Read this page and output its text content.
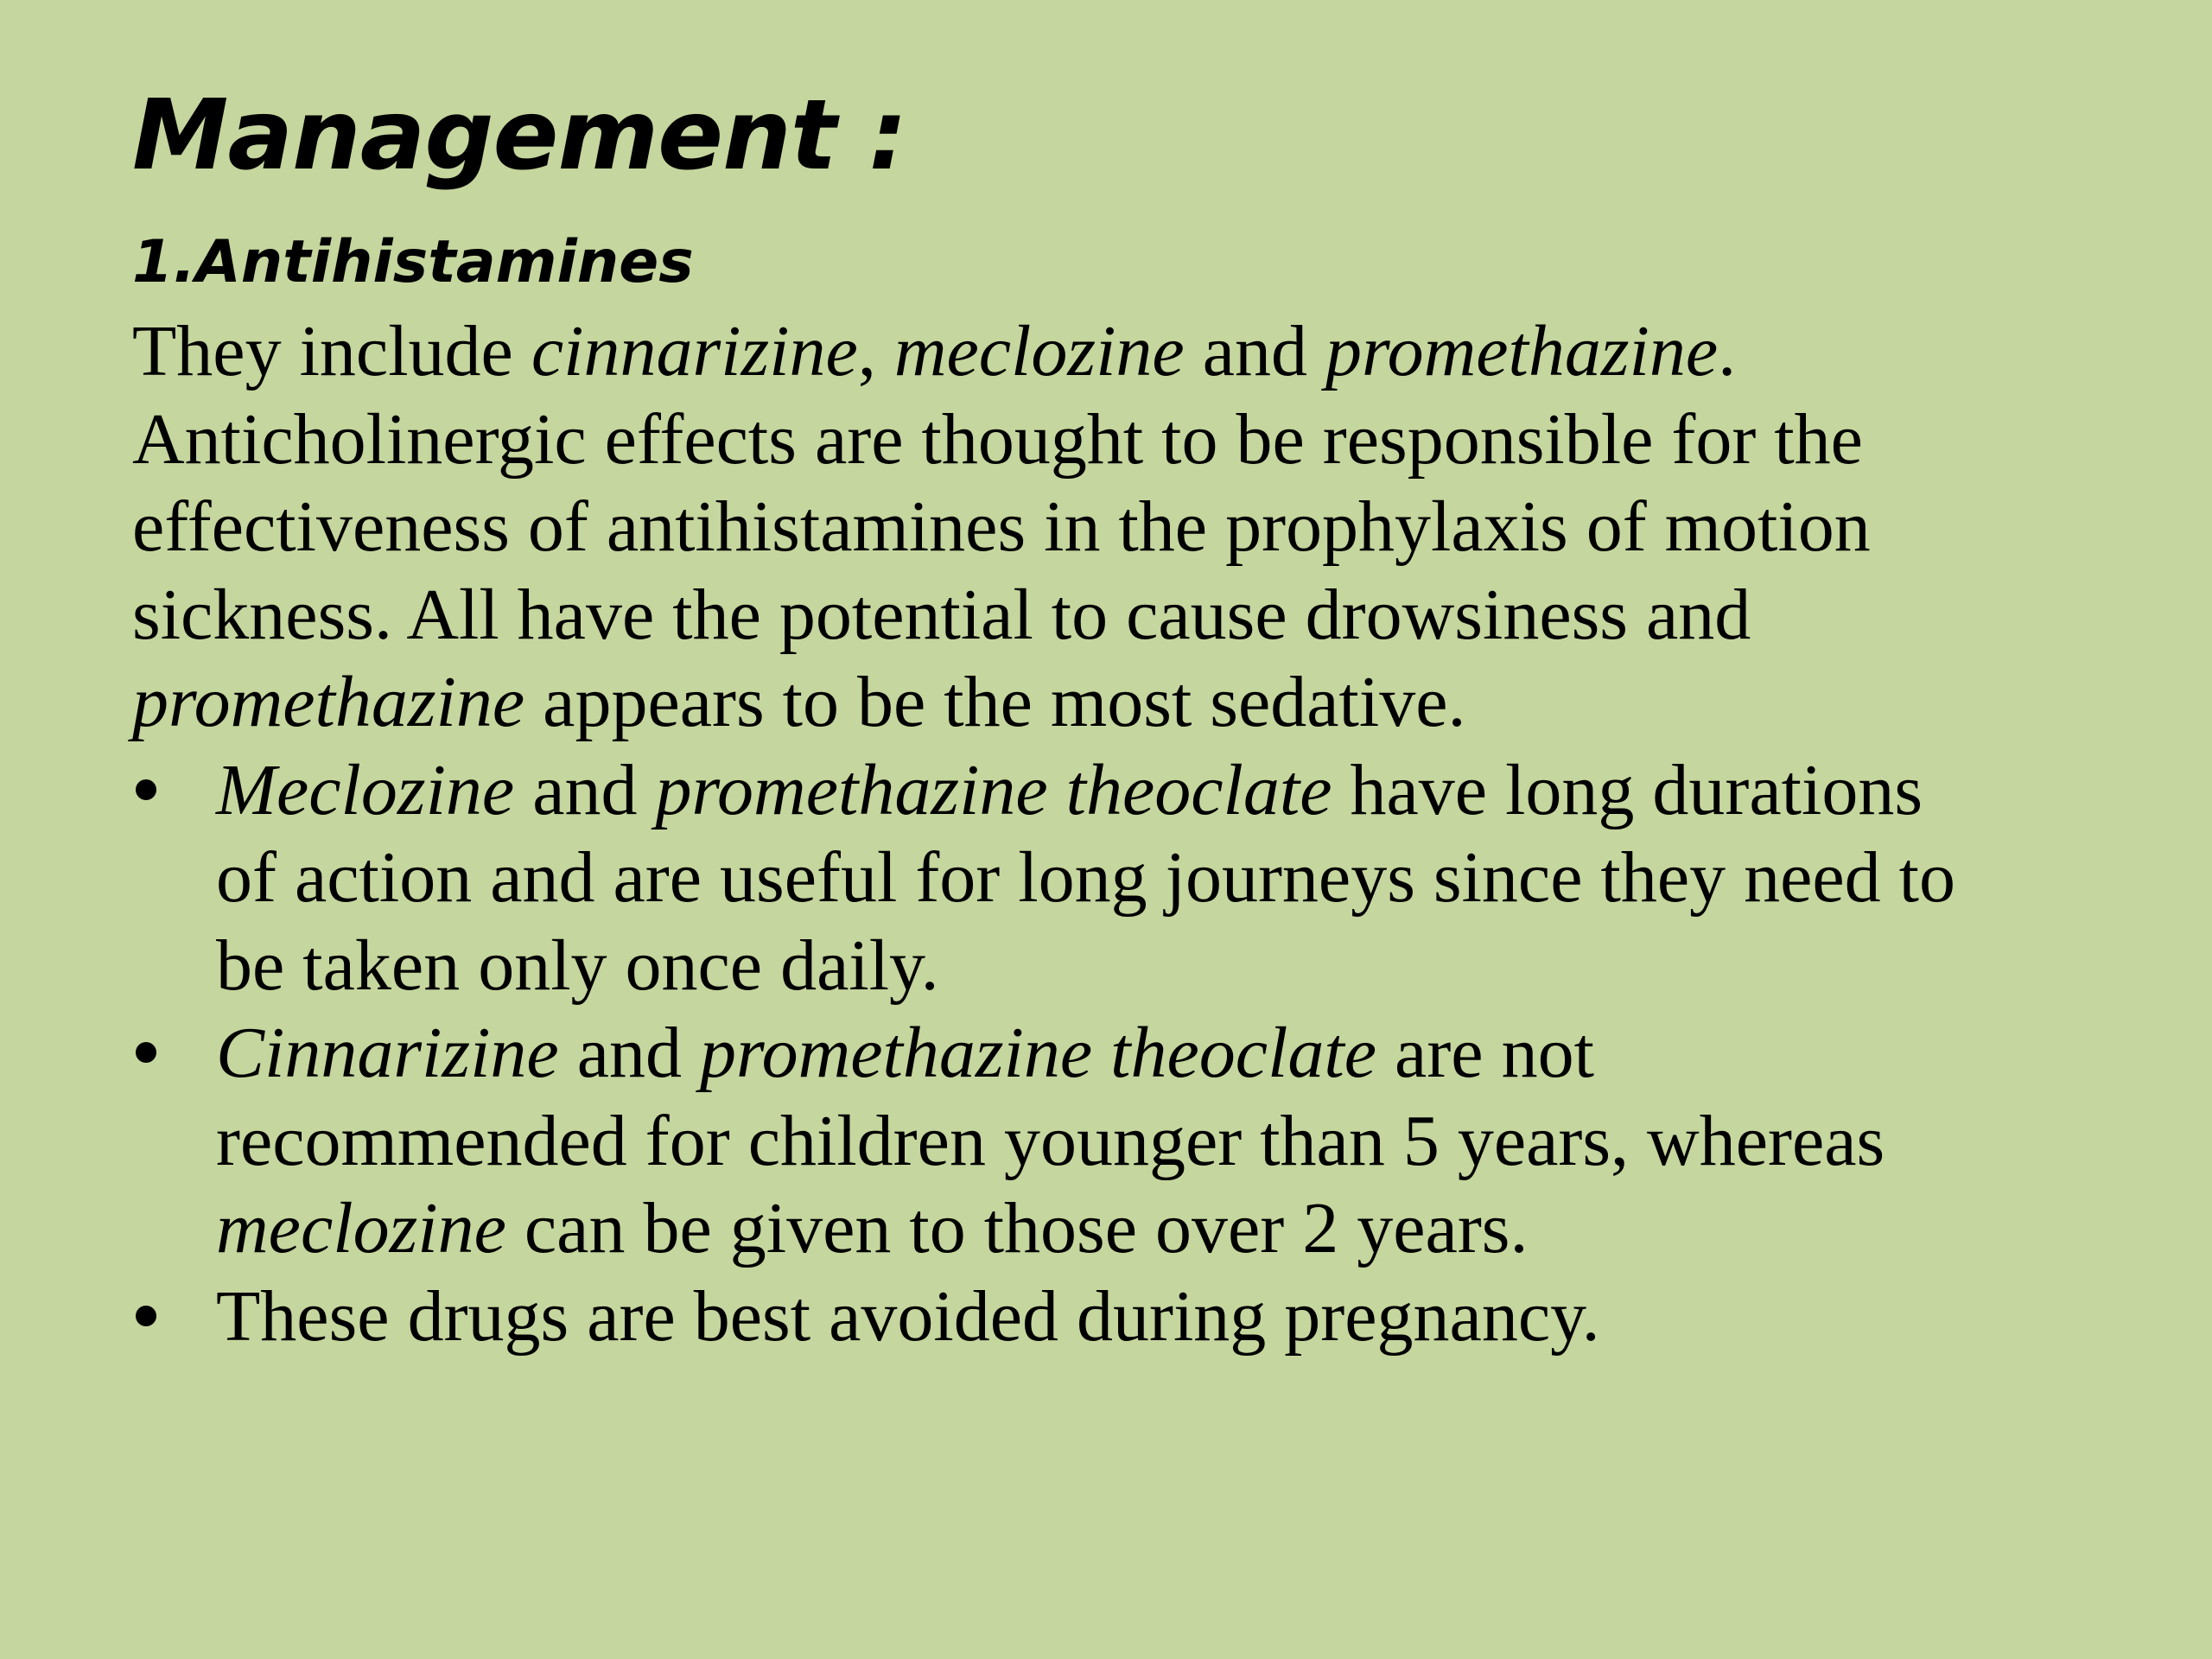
Management :
1.Antihistamines

They include cinnarizine, meclozine and promethazine.
Anticholinergic effects are thought to be responsible for the
effectiveness of antihistamines in the prophylaxis of motion
sickness. All have the potential to cause drowsiness and
promethazine appears to be the most sedative.

Meclozine and promethazine theoclate have long durations
of action and are useful for long journeys since they need to
be taken only once daily.
Cinnarizine and promethazine theoclate are not
recommended for children younger than 5 years, whereas
meclozine can be given to those over 2 years.
These drugs are best avoided during pregnancy.
